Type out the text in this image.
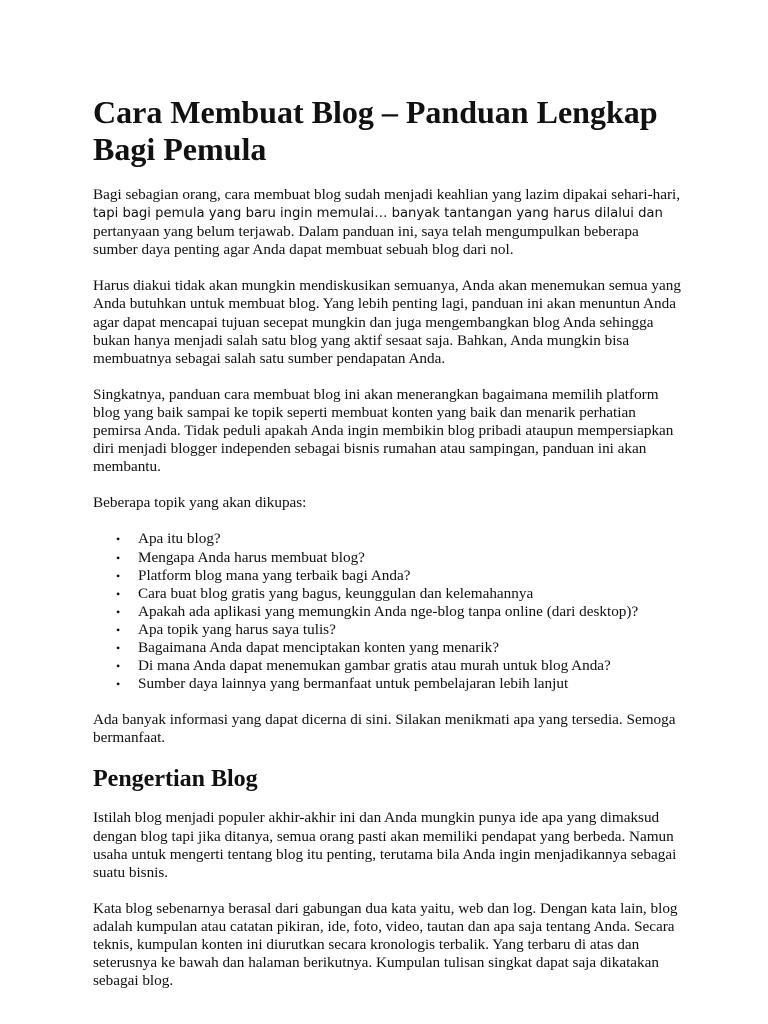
Cara Membuat Blog – Panduan Lengkap Bagi Pemula

Bagi sebagian orang, cara membuat blog sudah menjadi keahlian yang lazim dipakai sehari-hari, tapi bagi pemula yang baru ingin memulai… banyak tantangan yang harus dilalui dan pertanyaan yang belum terjawab. Dalam panduan ini, saya telah mengumpulkan beberapa sumber daya penting agar Anda dapat membuat sebuah blog dari nol.

Harus diakui tidak akan mungkin mendiskusikan semuanya, Anda akan menemukan semua yang Anda butuhkan untuk membuat blog. Yang lebih penting lagi, panduan ini akan menuntun Anda agar dapat mencapai tujuan secepat mungkin dan juga mengembangkan blog Anda sehingga bukan hanya menjadi salah satu blog yang aktif sesaat saja. Bahkan, Anda mungkin bisa membuatnya sebagai salah satu sumber pendapatan Anda.

Singkatnya, panduan cara membuat blog ini akan menerangkan bagaimana memilih platform blog yang baik sampai ke topik seperti membuat konten yang baik dan menarik perhatian pemirsa Anda. Tidak peduli apakah Anda ingin membikin blog pribadi ataupun mempersiapkan diri menjadi blogger independen sebagai bisnis rumahan atau sampingan, panduan ini akan membantu.

Beberapa topik yang akan dikupas:

• Apa itu blog?
• Mengapa Anda harus membuat blog?
• Platform blog mana yang terbaik bagi Anda?
• Cara buat blog gratis yang bagus, keunggulan dan kelemahannya
• Apakah ada aplikasi yang memungkin Anda nge-blog tanpa online (dari desktop)?
• Apa topik yang harus saya tulis?
• Bagaimana Anda dapat menciptakan konten yang menarik?
• Di mana Anda dapat menemukan gambar gratis atau murah untuk blog Anda?
• Sumber daya lainnya yang bermanfaat untuk pembelajaran lebih lanjut

Ada banyak informasi yang dapat dicerna di sini. Silakan menikmati apa yang tersedia. Semoga bermanfaat.

Pengertian Blog

Istilah blog menjadi populer akhir-akhir ini dan Anda mungkin punya ide apa yang dimaksud dengan blog tapi jika ditanya, semua orang pasti akan memiliki pendapat yang berbeda. Namun usaha untuk mengerti tentang blog itu penting, terutama bila Anda ingin menjadikannya sebagai suatu bisnis.

Kata blog sebenarnya berasal dari gabungan dua kata yaitu, web dan log. Dengan kata lain, blog adalah kumpulan atau catatan pikiran, ide, foto, video, tautan dan apa saja tentang Anda. Secara teknis, kumpulan konten ini diurutkan secara kronologis terbalik. Yang terbaru di atas dan seterusnya ke bawah dan halaman berikutnya. Kumpulan tulisan singkat dapat saja dikatakan sebagai blog.
